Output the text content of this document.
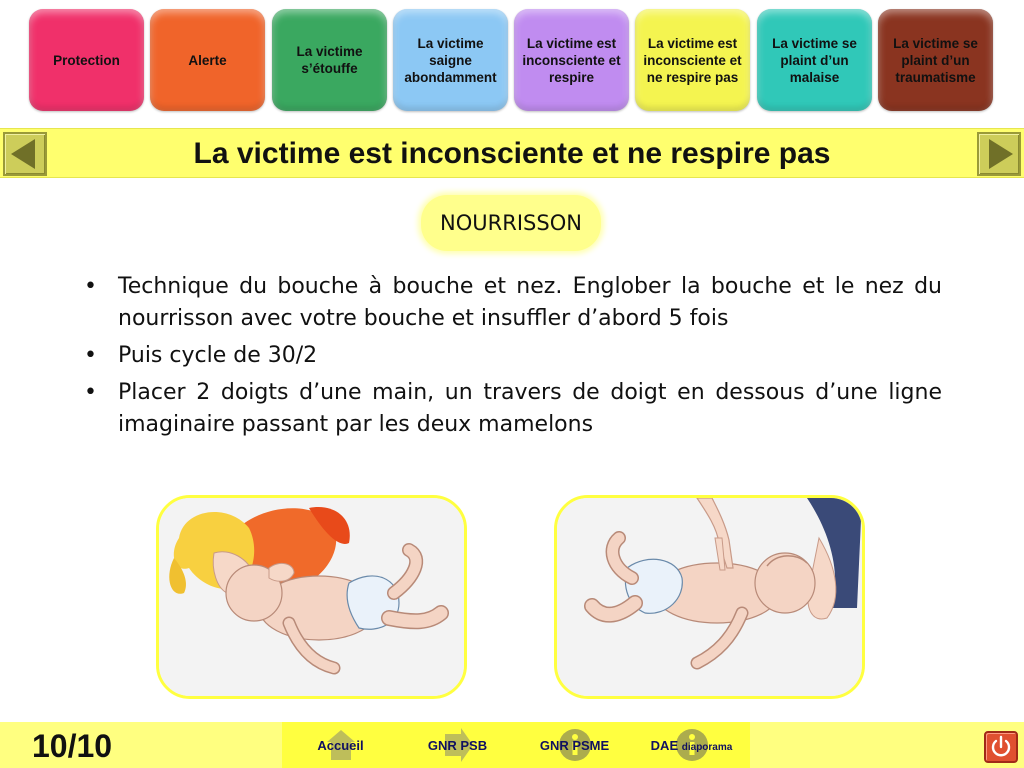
Protection	Alerte
La victime s’étouffe
La victime saigne abondamment
La victime est inconsciente et respire
La victime est inconsciente et ne respire pas
La victime se plaint d’un malaise
La victime se plaint d’un traumatisme
La victime est inconsciente et ne respire pas
NOURRISSON
• Technique du bouche à bouche et nez. Englober la bouche et le nez du nourrisson avec votre bouche et insuffler d’abord 5 fois
• Puis cycle de 30/2
• Placer 2 doigts d’une main, un travers de doigt en dessous d’une ligne imaginaire passant par les deux mamelons
10/10	Accueil	GNR PSB	GNR PSME	DAE diaporama
